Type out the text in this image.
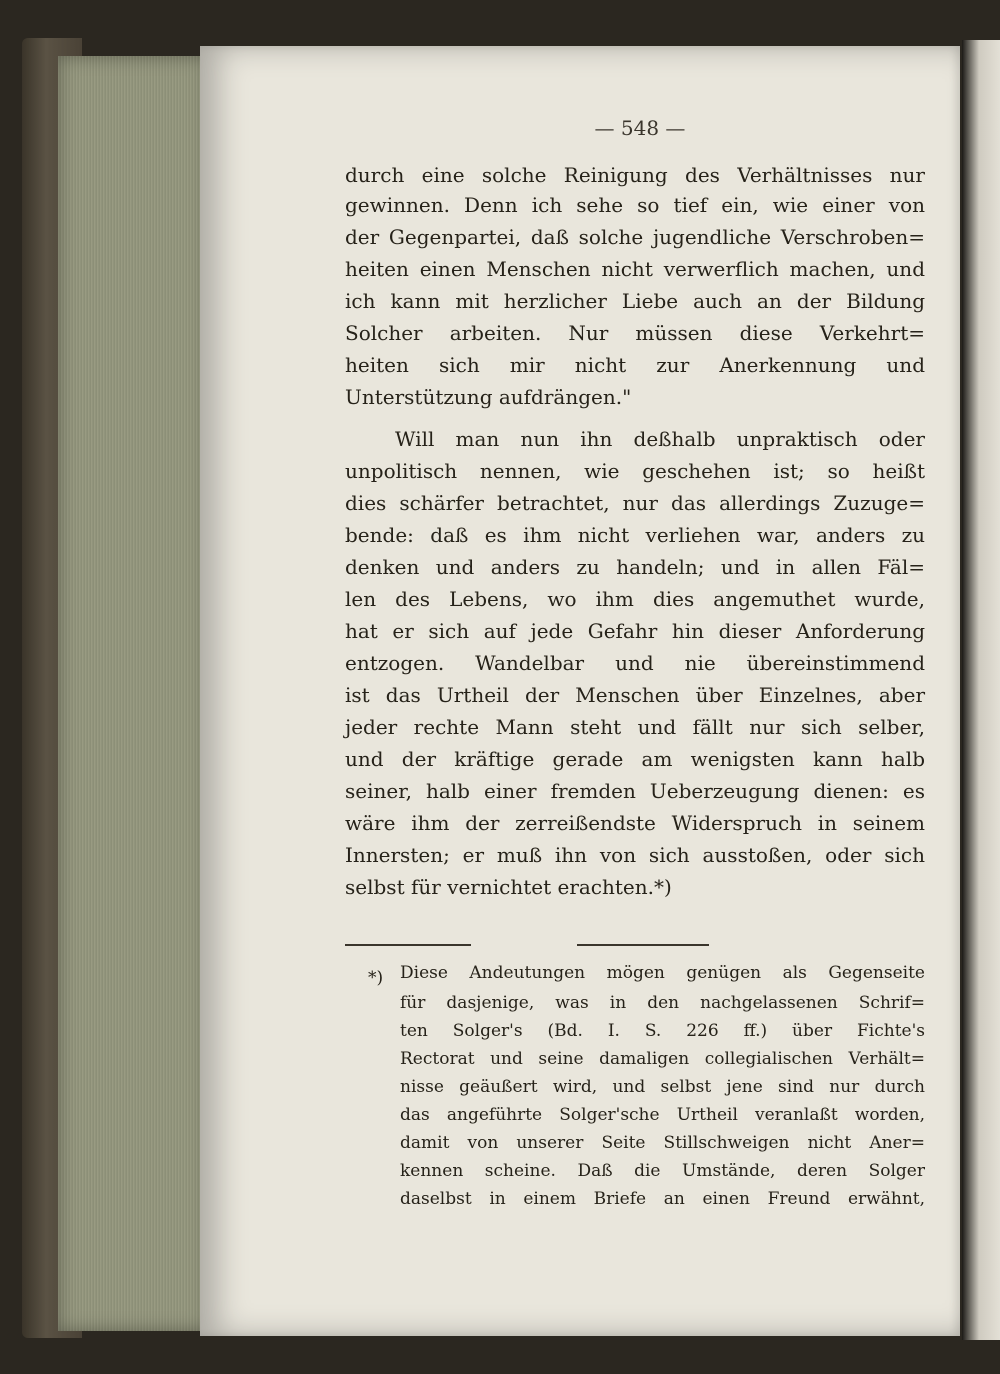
— 548 —
durch eine solche Reinigung des Verhältnisses nur
gewinnen. Denn ich sehe so tief ein, wie einer von
der Gegenpartei, daß solche jugendliche Verschroben=
heiten einen Menschen nicht verwerflich machen, und
ich kann mit herzlicher Liebe auch an der Bildung
Solcher arbeiten. Nur müssen diese Verkehrt=
heiten sich mir nicht zur Anerkennung und
Unterstützung aufdrängen."
Will man nun ihn deßhalb unpraktisch oder
unpolitisch nennen, wie geschehen ist; so heißt
dies schärfer betrachtet, nur das allerdings Zuzuge=
bende: daß es ihm nicht verliehen war, anders zu
denken und anders zu handeln; und in allen Fäl=
len des Lebens, wo ihm dies angemuthet wurde,
hat er sich auf jede Gefahr hin dieser Anforderung
entzogen. Wandelbar und nie übereinstimmend
ist das Urtheil der Menschen über Einzelnes, aber
jeder rechte Mann steht und fällt nur sich selber,
und der kräftige gerade am wenigsten kann halb
seiner, halb einer fremden Ueberzeugung dienen: es
wäre ihm der zerreißendste Widerspruch in seinem
Innersten; er muß ihn von sich ausstoßen, oder sich
selbst für vernichtet erachten.*)
*) Diese Andeutungen mögen genügen als Gegenseite
für dasjenige, was in den nachgelassenen Schrif=
ten Solger's (Bd. I. S. 226 ff.) über Fichte's
Rectorat und seine damaligen collegialischen Verhält=
nisse geäußert wird, und selbst jene sind nur durch
das angeführte Solger'sche Urtheil veranlaßt worden,
damit von unserer Seite Stillschweigen nicht Aner=
kennen scheine. Daß die Umstände, deren Solger
daselbst in einem Briefe an einen Freund erwähnt,
